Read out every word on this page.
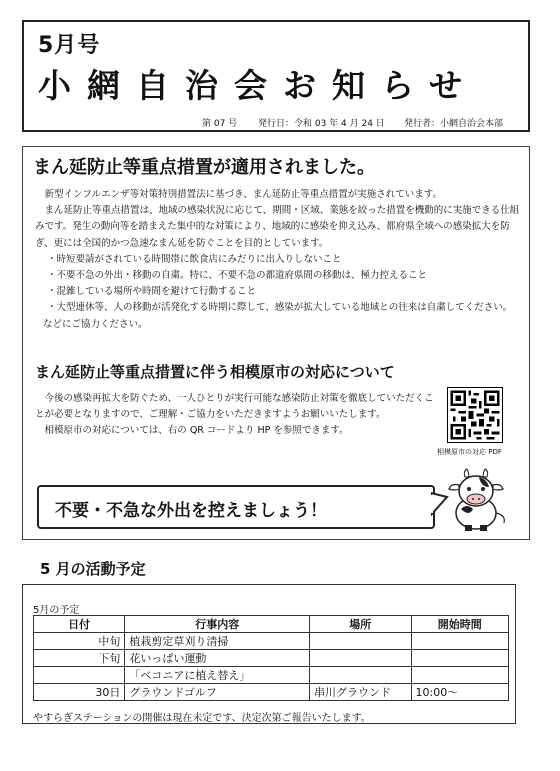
5月号
小網自治会お知らせ
第 07 号 発行日：令和 03 年 4 月 24 日 発行者：小網自治会本部
まん延防止等重点措置が適用されました。

新型インフルエンザ等対策特別措置法に基づき、まん延防止等重点措置が実施されています。

まん延防止等重点措置は、地域の感染状況に応じて、期間・区域、業態を絞った措置を機動的に実施できる仕組みです。発生の動向等を踏まえた集中的な対策により、地域的に感染を抑え込み、都府県全域への感染拡大を防ぎ、更には全国的かつ急速なまん延を防ぐことを目的としています。

・時短要請がされている時間帯に飲食店にみだりに出入りしないこと
・不要不急の外出・移動の自粛。特に、不要不急の都道府県間の移動は、極力控えること
・混雑している場所や時間を避けて行動すること
・大型連休等、人の移動が活発化する時期に際して、感染が拡大している地域との往来は自粛してください。
などにご協力ください。
まん延防止等重点措置に伴う相模原市の対応について

今後の感染再拡大を防ぐため、一人ひとりが実行可能な感染防止対策を徹底していただくことが必要となりますので、ご理解・ご協力をいただきますようお願いいたします。

相模原市の対応については、右の QR コードより HP を参照できます。

相模原市の対応 PDF
不要・不急な外出を控えましょう！
5 月の活動予定
5月の予定
日付	行事内容	場所	開始時間
中旬	植栽剪定草刈り清掃		
下旬	花いっぱい運動		
	「ベコニアに植え替え」		
30日	グラウンドゴルフ	串川グラウンド	10:00～
やすらぎステーションの開催は現在未定です、決定次第ご報告いたします。
